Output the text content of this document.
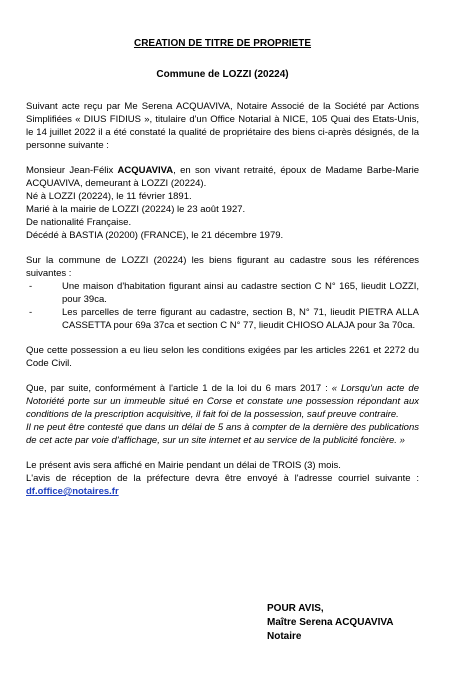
CREATION DE TITRE DE PROPRIETE

Commune de LOZZI (20224)

Suivant acte reçu par Me Serena ACQUAVIVA, Notaire Associé de la Société par Actions Simplifiées « DIUS FIDIUS », titulaire d'un Office Notarial à NICE, 105 Quai des Etats-Unis, le 14 juillet 2022 il a été constaté la qualité de propriétaire des biens ci-après désignés, de la personne suivante :

Monsieur Jean-Félix ACQUAVIVA, en son vivant retraité, époux de Madame Barbe-Marie ACQUAVIVA, demeurant à LOZZI (20224).

Né à LOZZI (20224), le 11 février 1891.

Marié à la mairie de LOZZI (20224) le 23 août 1927.

De nationalité Française.

Décédé à BASTIA (20200) (FRANCE), le 21 décembre 1979.

Sur la commune de LOZZI (20224) les biens figurant au cadastre sous les références suivantes :

-	Une maison d'habitation figurant ainsi au cadastre section C N° 165, lieudit LOZZI, pour 39ca.
-	Les parcelles de terre figurant au cadastre, section B, N° 71, lieudit PIETRA ALLA CASSETTA pour 69a 37ca et section C N° 77, lieudit CHIOSO ALAJA pour 3a 70ca.

Que cette possession a eu lieu selon les conditions exigées par les articles 2261 et 2272 du Code Civil.

Que, par suite, conformément à l'article 1 de la loi du 6 mars 2017 : « Lorsqu'un acte de Notoriété porte sur un immeuble situé en Corse et constate une possession répondant aux conditions de la prescription acquisitive, il fait foi de la possession, sauf preuve contraire.

Il ne peut être contesté que dans un délai de 5 ans à compter de la dernière des publications de cet acte par voie d'affichage, sur un site internet et au service de la publicité foncière. »

Le présent avis sera affiché en Mairie pendant un délai de TROIS (3) mois.

L'avis de réception de la préfecture devra être envoyé à l'adresse courriel suivante : df.office@notaires.fr

POUR AVIS,
Maître Serena ACQUAVIVA
Notaire
